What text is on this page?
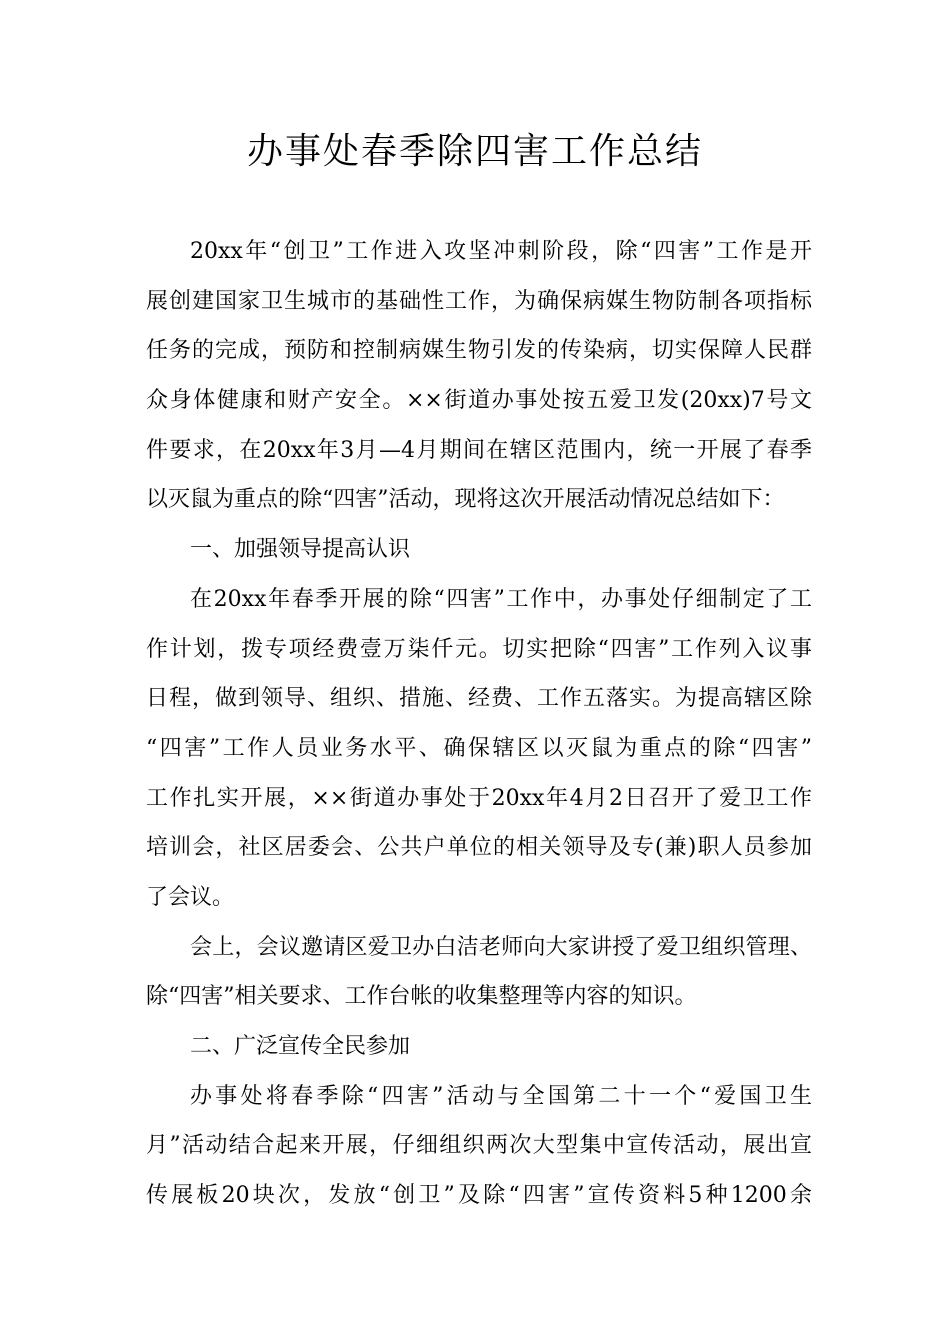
办事处春季除四害工作总结
20xx年“创卫”工作进入攻坚冲刺阶段，除“四害”工作是开
展创建国家卫生城市的基础性工作，为确保病媒生物防制各项指标
任务的完成，预防和控制病媒生物引发的传染病，切实保障人民群
众身体健康和财产安全。××街道办事处按五爱卫发(20xx)7号文
件要求，在20xx年3月—4月期间在辖区范围内，统一开展了春季
以灭鼠为重点的除“四害”活动，现将这次开展活动情况总结如下：
一、加强领导提高认识
在20xx年春季开展的除“四害”工作中，办事处仔细制定了工
作计划，拨专项经费壹万柒仟元。切实把除“四害”工作列入议事
日程，做到领导、组织、措施、经费、工作五落实。为提高辖区除
“四害”工作人员业务水平、确保辖区以灭鼠为重点的除“四害”
工作扎实开展，××街道办事处于20xx年4月2日召开了爱卫工作
培训会，社区居委会、公共户单位的相关领导及专(兼)职人员参加
了会议。
会上，会议邀请区爱卫办白洁老师向大家讲授了爱卫组织管理、
除“四害”相关要求、工作台帐的收集整理等内容的知识。
二、广泛宣传全民参加
办事处将春季除“四害”活动与全国第二十一个“爱国卫生
月”活动结合起来开展，仔细组织两次大型集中宣传活动，展出宣
传展板20块次，发放“创卫”及除“四害”宣传资料5种1200余
